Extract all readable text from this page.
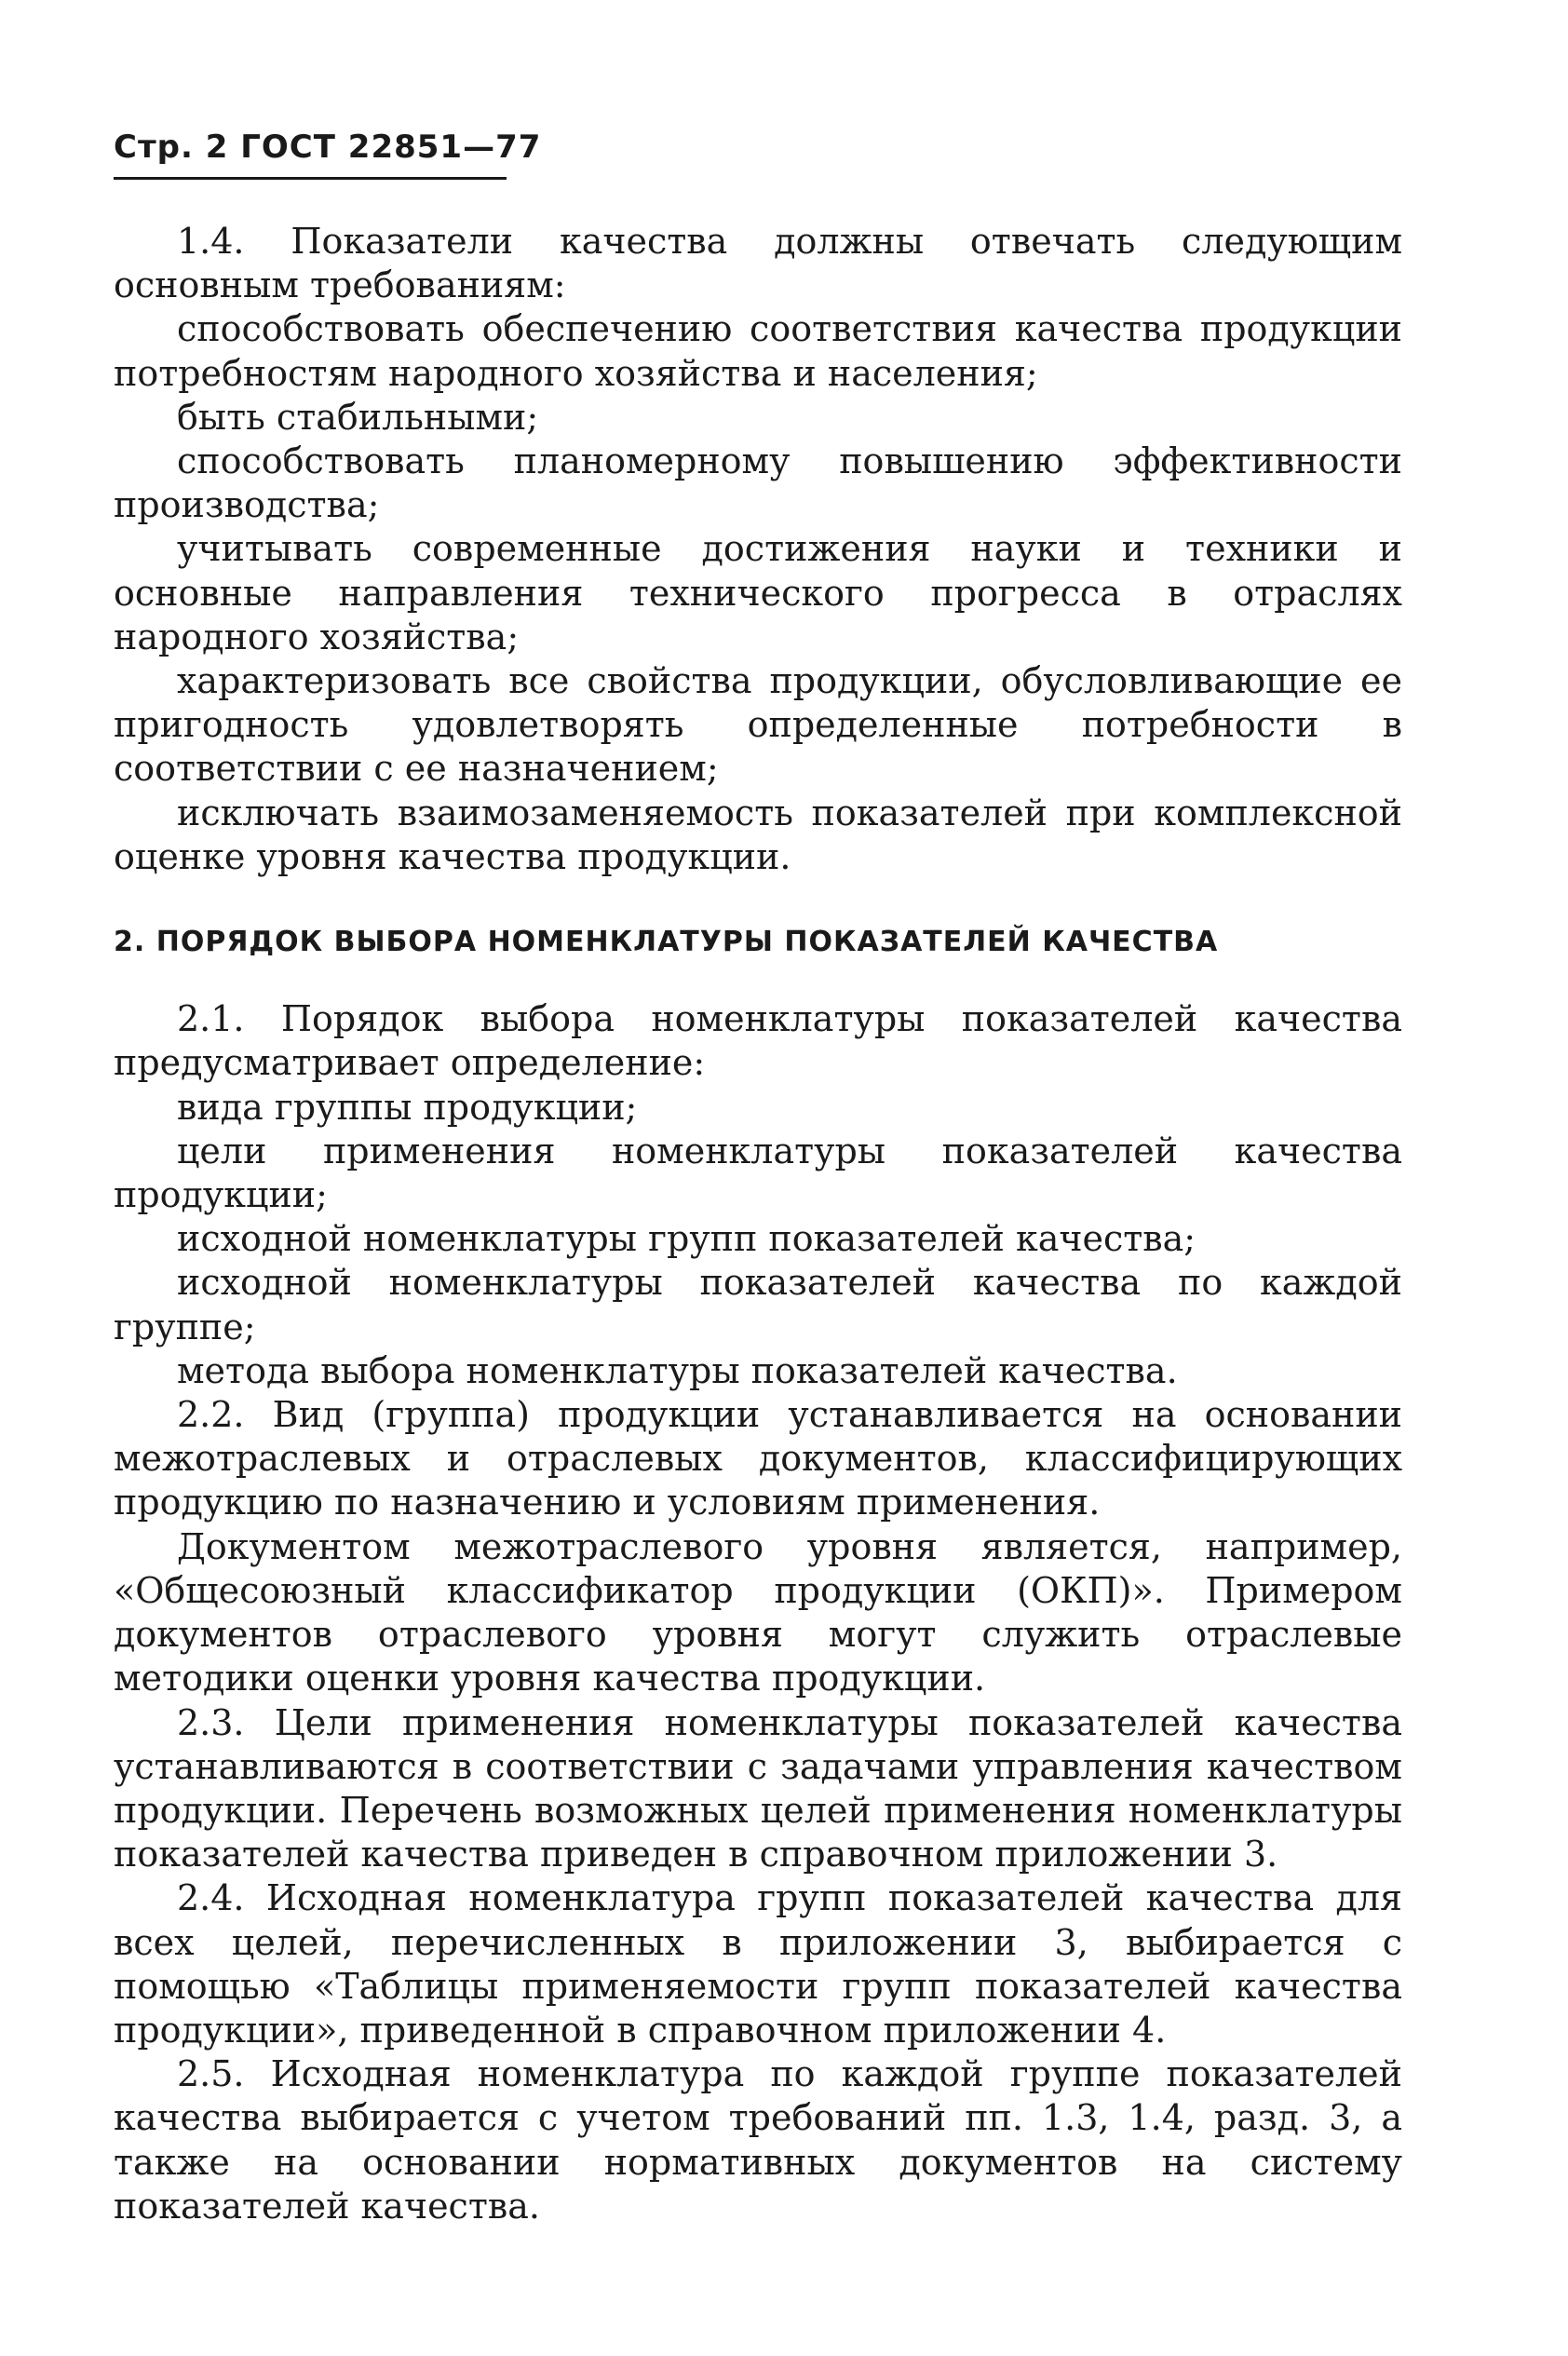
Стр. 2 ГОСТ 22851—77

1.4. Показатели качества должны отвечать следующим основным требованиям:

способствовать обеспечению соответствия качества продукции потребностям народного хозяйства и населения;

быть стабильными;

способствовать планомерному повышению эффективности производства;

учитывать современные достижения науки и техники и основные направления технического прогресса в отраслях народного хозяйства;

характеризовать все свойства продукции, обусловливающие ее пригодность удовлетворять определенные потребности в соответствии с ее назначением;

исключать взаимозаменяемость показателей при комплексной оценке уровня качества продукции.

2. ПОРЯДОК ВЫБОРА НОМЕНКЛАТУРЫ ПОКАЗАТЕЛЕЙ КАЧЕСТВА

2.1. Порядок выбора номенклатуры показателей качества предусматривает определение:

вида группы продукции;

цели применения номенклатуры показателей качества продукции;

исходной номенклатуры групп показателей качества;

исходной номенклатуры показателей качества по каждой группе;

метода выбора номенклатуры показателей качества.

2.2. Вид (группа) продукции устанавливается на основании межотраслевых и отраслевых документов, классифицирующих продукцию по назначению и условиям применения.

Документом межотраслевого уровня является, например, «Общесоюзный классификатор продукции (ОКП)». Примером документов отраслевого уровня могут служить отраслевые методики оценки уровня качества продукции.

2.3. Цели применения номенклатуры показателей качества устанавливаются в соответствии с задачами управления качеством продукции. Перечень возможных целей применения номенклатуры показателей качества приведен в справочном приложении 3.

2.4. Исходная номенклатура групп показателей качества для всех целей, перечисленных в приложении 3, выбирается с помощью «Таблицы применяемости групп показателей качества продукции», приведенной в справочном приложении 4.

2.5. Исходная номенклатура по каждой группе показателей качества выбирается с учетом требований пп. 1.3, 1.4, разд. 3, а также на основании нормативных документов на систему показателей качества.
